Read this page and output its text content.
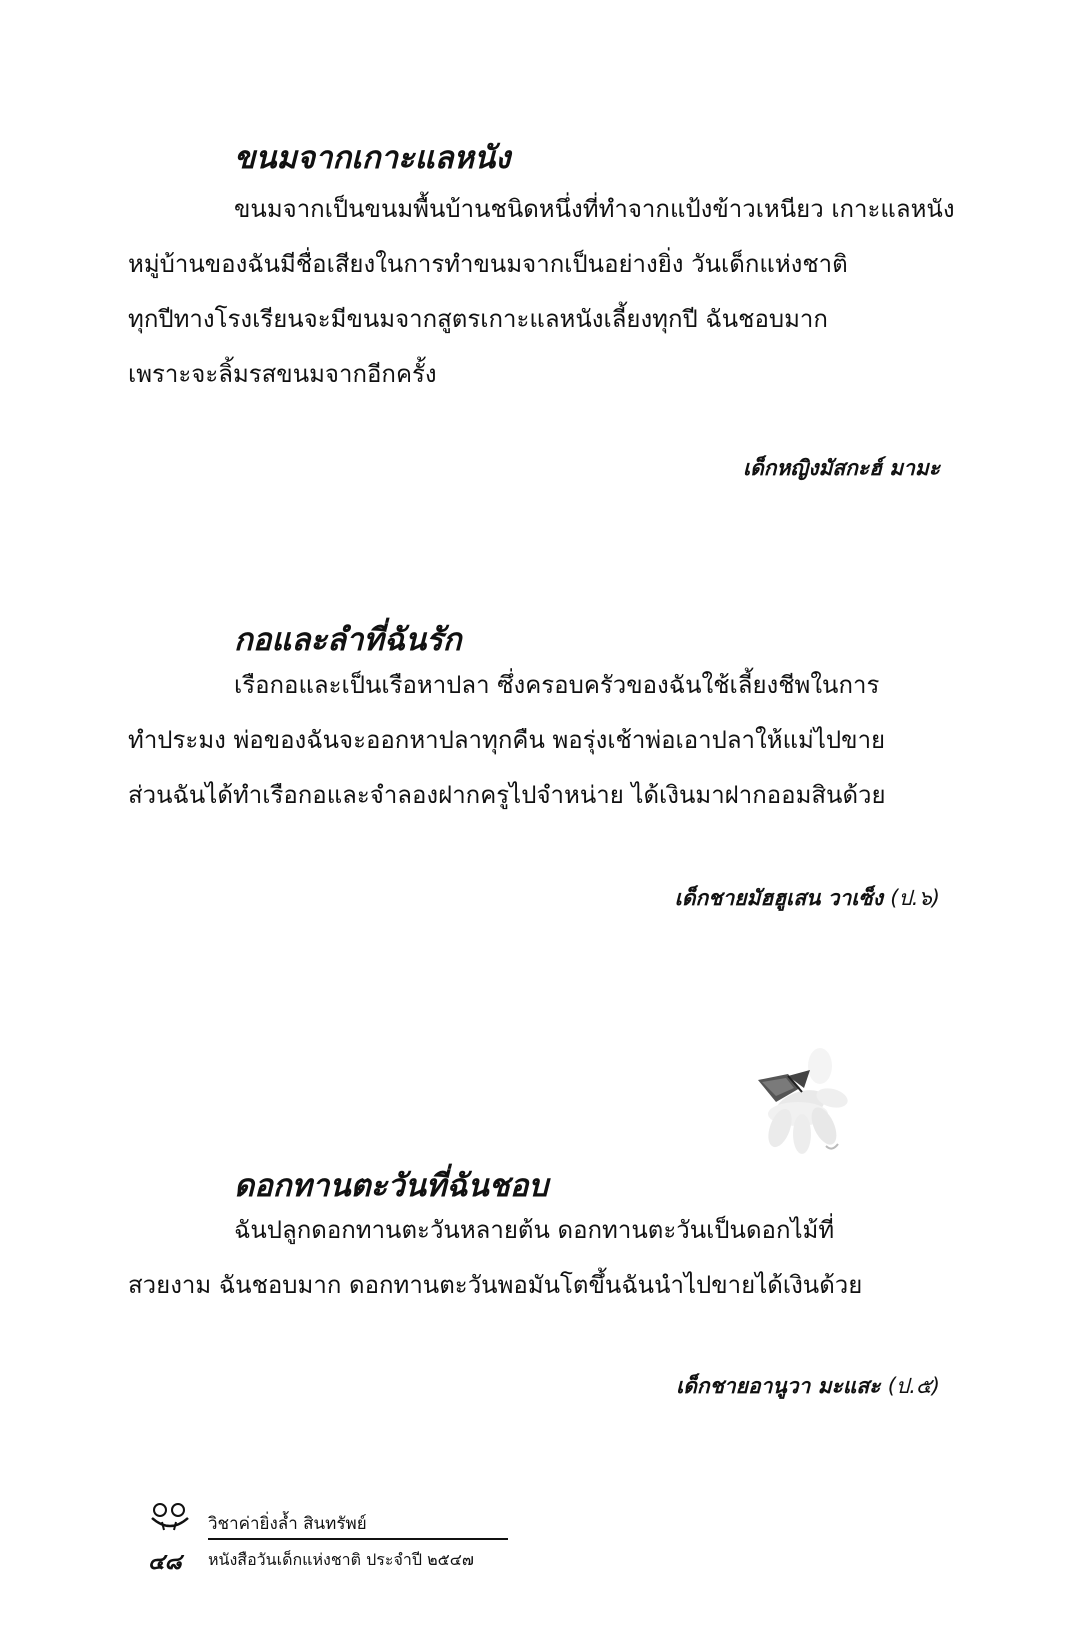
ขนมจากเกาะแลหนัง
ขนมจากเป็นขนมพื้นบ้านชนิดหนึ่งที่ทำจากแป้งข้าวเหนียว เกาะแลหนัง
หมู่บ้านของฉันมีชื่อเสียงในการทำขนมจากเป็นอย่างยิ่ง วันเด็กแห่งชาติ
ทุกปีทางโรงเรียนจะมีขนมจากสูตรเกาะแลหนังเลี้ยงทุกปี ฉันชอบมาก
เพราะจะลิ้มรสขนมจากอีกครั้ง
เด็กหญิงมัสกะฮ์ มามะ
กอและลำที่ฉันรัก
เรือกอและเป็นเรือหาปลา ซึ่งครอบครัวของฉันใช้เลี้ยงชีพในการ
ทำประมง พ่อของฉันจะออกหาปลาทุกคืน พอรุ่งเช้าพ่อเอาปลาให้แม่ไปขาย
ส่วนฉันได้ทำเรือกอและจำลองฝากครูไปจำหน่าย ได้เงินมาฝากออมสินด้วย
เด็กชายมัฮฮูเสน วาเซ็ง (ป.๖)
ดอกทานตะวันที่ฉันชอบ
ฉันปลูกดอกทานตะวันหลายต้น ดอกทานตะวันเป็นดอกไม้ที่
สวยงาม ฉันชอบมาก ดอกทานตะวันพอมันโตขึ้นฉันนำไปขายได้เงินด้วย
เด็กชายอานูวา มะแสะ (ป.๕)
วิชาค่ายิ่งล้ำ สินทรัพย์
๔๘ หนังสือวันเด็กแห่งชาติ ประจำปี ๒๕๔๗
